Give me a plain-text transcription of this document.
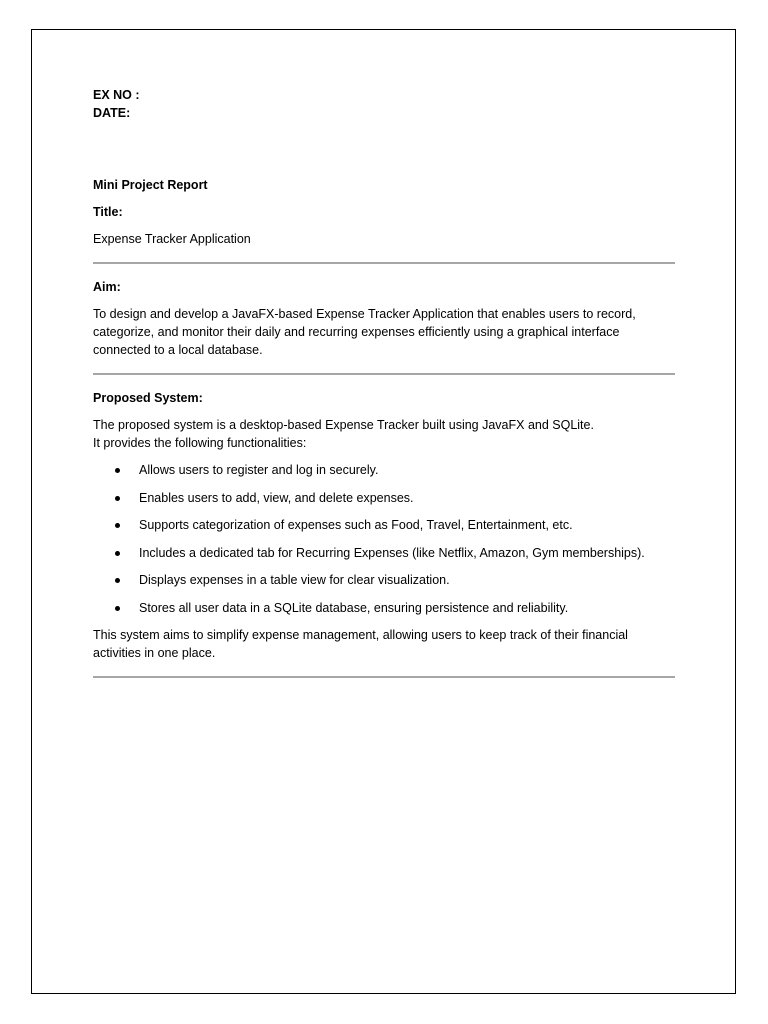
EX NO :
DATE:

Mini Project Report

Title:

Expense Tracker Application

Aim:

To design and develop a JavaFX-based Expense Tracker Application that enables users to record,
categorize, and monitor their daily and recurring expenses efficiently using a graphical interface
connected to a local database.

Proposed System:

The proposed system is a desktop-based Expense Tracker built using JavaFX and SQLite.
It provides the following functionalities:
Allows users to register and log in securely.
Enables users to add, view, and delete expenses.
Supports categorization of expenses such as Food, Travel, Entertainment, etc.
Includes a dedicated tab for Recurring Expenses (like Netflix, Amazon, Gym memberships).
Displays expenses in a table view for clear visualization.
Stores all user data in a SQLite database, ensuring persistence and reliability.
This system aims to simplify expense management, allowing users to keep track of their financial
activities in one place.
